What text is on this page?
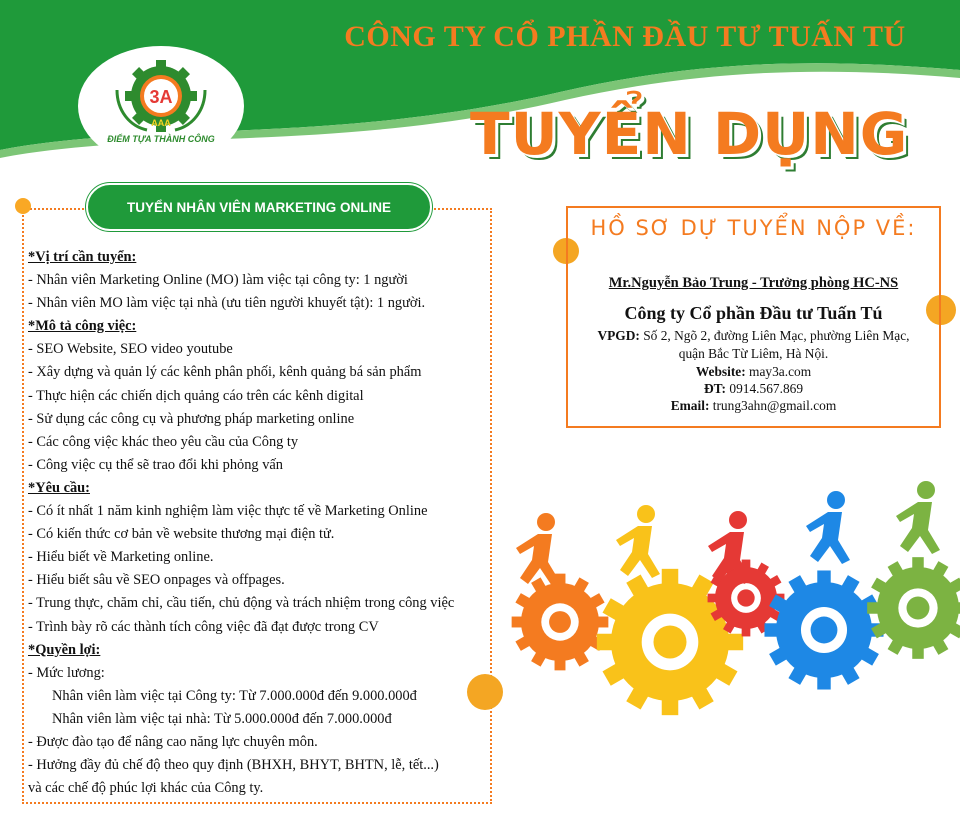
CÔNG TY CỔ PHẦN ĐẦU TƯ TUẤN TÚ
3A
AAA
ĐIỂM TỰA THÀNH CÔNG	TUYỂN DỤNG
TUYỂN NHÂN VIÊN MARKETING ONLINE
*Vị trí cần tuyển:
- Nhân viên Marketing Online (MO) làm việc tại công ty: 1 người
- Nhân viên MO làm việc tại nhà (ưu tiên người khuyết tật): 1 người.
*Mô tả công việc:
- SEO Website, SEO video youtube
- Xây dựng và quản lý các kênh phân phối, kênh quảng bá sản phẩm
- Thực hiện các chiến dịch quảng cáo trên các kênh digital
- Sử dụng các công cụ và phương pháp marketing online
- Các công việc khác theo yêu cầu của Công ty
- Công việc cụ thể sẽ trao đổi khi phỏng vấn
*Yêu cầu:
- Có ít nhất 1 năm kinh nghiệm làm việc thực tế về Marketing Online
- Có kiến thức cơ bản về website thương mại điện tử.
- Hiểu biết về Marketing online.
- Hiểu biết sâu về SEO onpages và offpages.
- Trung thực, chăm chỉ, cầu tiến, chủ động và trách nhiệm trong công việc
- Trình bày rõ các thành tích công việc đã đạt được trong CV
*Quyền lợi:
- Mức lương:
Nhân viên làm việc tại Công ty: Từ 7.000.000đ đến 9.000.000đ
Nhân viên làm việc tại nhà: Từ 5.000.000đ đến 7.000.000đ
- Được đào tạo để nâng cao năng lực chuyên môn.
- Hưởng đầy đủ chế độ theo quy định (BHXH, BHYT, BHTN, lễ, tết...)
và các chế độ phúc lợi khác của Công ty.
HỒ SƠ DỰ TUYỂN NỘP VỀ:
Mr.Nguyễn Bảo Trung - Trưởng phòng HC-NS
Công ty Cổ phần Đầu tư Tuấn Tú
VPGD: Số 2, Ngõ 2, đường Liên Mạc, phường Liên Mạc,
quận Bắc Từ Liêm, Hà Nội.
Website: may3a.com
ĐT: 0914.567.869
Email: trung3ahn@gmail.com
